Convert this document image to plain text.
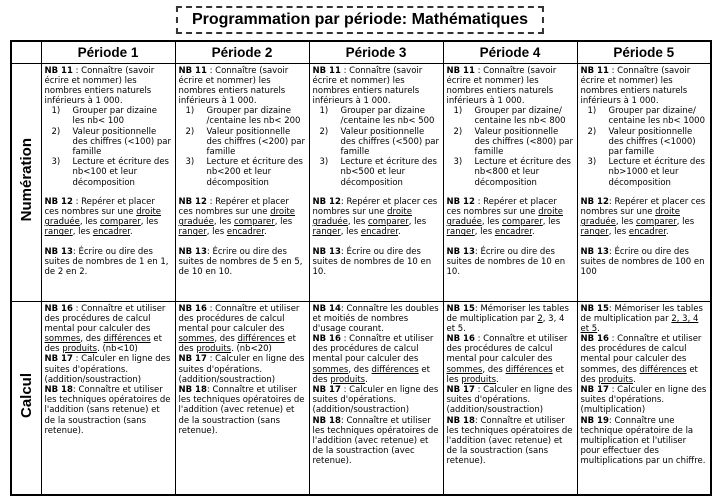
Programmation par période: Mathématiques
	Période 1	Période 2	Période 3	Période 4	Période 5
Numération	
NB 11 : Connaître (savoir écrire et nommer) les nombres entiers naturels inférieurs à 1 000.
1)	Grouper par dizaine les nb< 100
2)	Valeur positionnelle des chiffres (<100) par famille
3)	Lecture et écriture des nb<100 et leur décomposition
NB 12 : Repérer et placer ces nombres sur une droite graduée, les comparer, les ranger, les encadrer.
NB 13: Écrire ou dire des suites de nombres de 1 en 1, de 2 en 2.

NB 11 : Connaître (savoir écrire et nommer) les nombres entiers naturels inférieurs à 1 000.
1)	Grouper par dizaine /centaine les nb< 200
2)	Valeur positionnelle des chiffres (<200) par famille
3)	Lecture et écriture des nb<200 et leur décomposition
NB 12 : Repérer et placer ces nombres sur une droite graduée, les comparer, les ranger, les encadrer.
NB 13: Écrire ou dire des suites de nombres de 5 en 5, de 10 en 10.

NB 11 : Connaître (savoir écrire et nommer) les nombres entiers naturels inférieurs à 1 000.
1)	Grouper par dizaine /centaine les nb< 500
2)	Valeur positionnelle des chiffres (<500) par famille
3)	Lecture et écriture des nb<500 et leur décomposition
NB 12: Repérer et placer ces nombres sur une droite graduée, les comparer, les ranger, les encadrer.
NB 13: Écrire ou dire des suites de nombres de 10 en 10.

NB 11 : Connaître (savoir écrire et nommer) les nombres entiers naturels inférieurs à 1 000.
1)	Grouper par dizaine/ centaine les nb< 800
2)	Valeur positionnelle des chiffres (<800) par famille
3)	Lecture et écriture des nb<800 et leur décomposition
NB 12 : Repérer et placer ces nombres sur une droite graduée, les comparer, les ranger, les encadrer.
NB 13: Écrire ou dire des suites de nombres de 10 en 10.

NB 11 : Connaître (savoir écrire et nommer) les nombres entiers naturels inférieurs à 1 000.
1)	Grouper par dizaine/ centaine les nb< 1000
2)	Valeur positionnelle des chiffres (<1000) par famille
3)	Lecture et écriture des nb>1000 et leur décomposition
NB 12: Repérer et placer ces nombres sur une droite graduée, les comparer, les ranger, les encadrer.
NB 13: Écrire ou dire des suites de nombres de 100 en 100

Calcul	
NB 16 : Connaître et utiliser des procédures de calcul mental pour calculer des sommes, des différences et des produits. (nb<10)
NB 17 : Calculer en ligne des suites d'opérations. (addition/soustraction)
NB 18: Connaître et utiliser les techniques opératoires de l'addition (sans retenue) et de la soustraction (sans retenue).

NB 16 : Connaître et utiliser des procédures de calcul mental pour calculer des sommes, des différences et des produits. (nb<20)
NB 17 : Calculer en ligne des suites d'opérations. (addition/soustraction)
NB 18: Connaître et utiliser les techniques opératoires de l'addition (avec retenue) et de la soustraction (sans retenue).

NB 14: Connaître les doubles et moitiés de nombres d'usage courant.
NB 16 : Connaître et utiliser des procédures de calcul mental pour calculer des sommes, des différences et des produits.
NB 17 : Calculer en ligne des suites d'opérations. (addition/soustraction)
NB 18: Connaître et utiliser les techniques opératoires de l'addition (avec retenue) et de la soustraction (avec retenue).

NB 15: Mémoriser les tables de multiplication par 2, 3, 4 et 5.
NB 16 : Connaître et utiliser des procédures de calcul mental pour calculer des sommes, des différences et les produits.
NB 17 : Calculer en ligne des suites d'opérations. (addition/soustraction)
NB 18: Connaître et utiliser les techniques opératoires de l'addition (avec retenue) et de la soustraction (sans retenue).

NB 15: Mémoriser les tables de multiplication par 2, 3, 4 et 5.
NB 16 : Connaître et utiliser des procédures de calcul mental pour calculer des sommes, des différences et des produits.
NB 17 : Calculer en ligne des suites d'opérations. (multiplication)
NB 19: Connaître une technique opératoire de la multiplication et l'utiliser pour effectuer des multiplications par un chiffre.
